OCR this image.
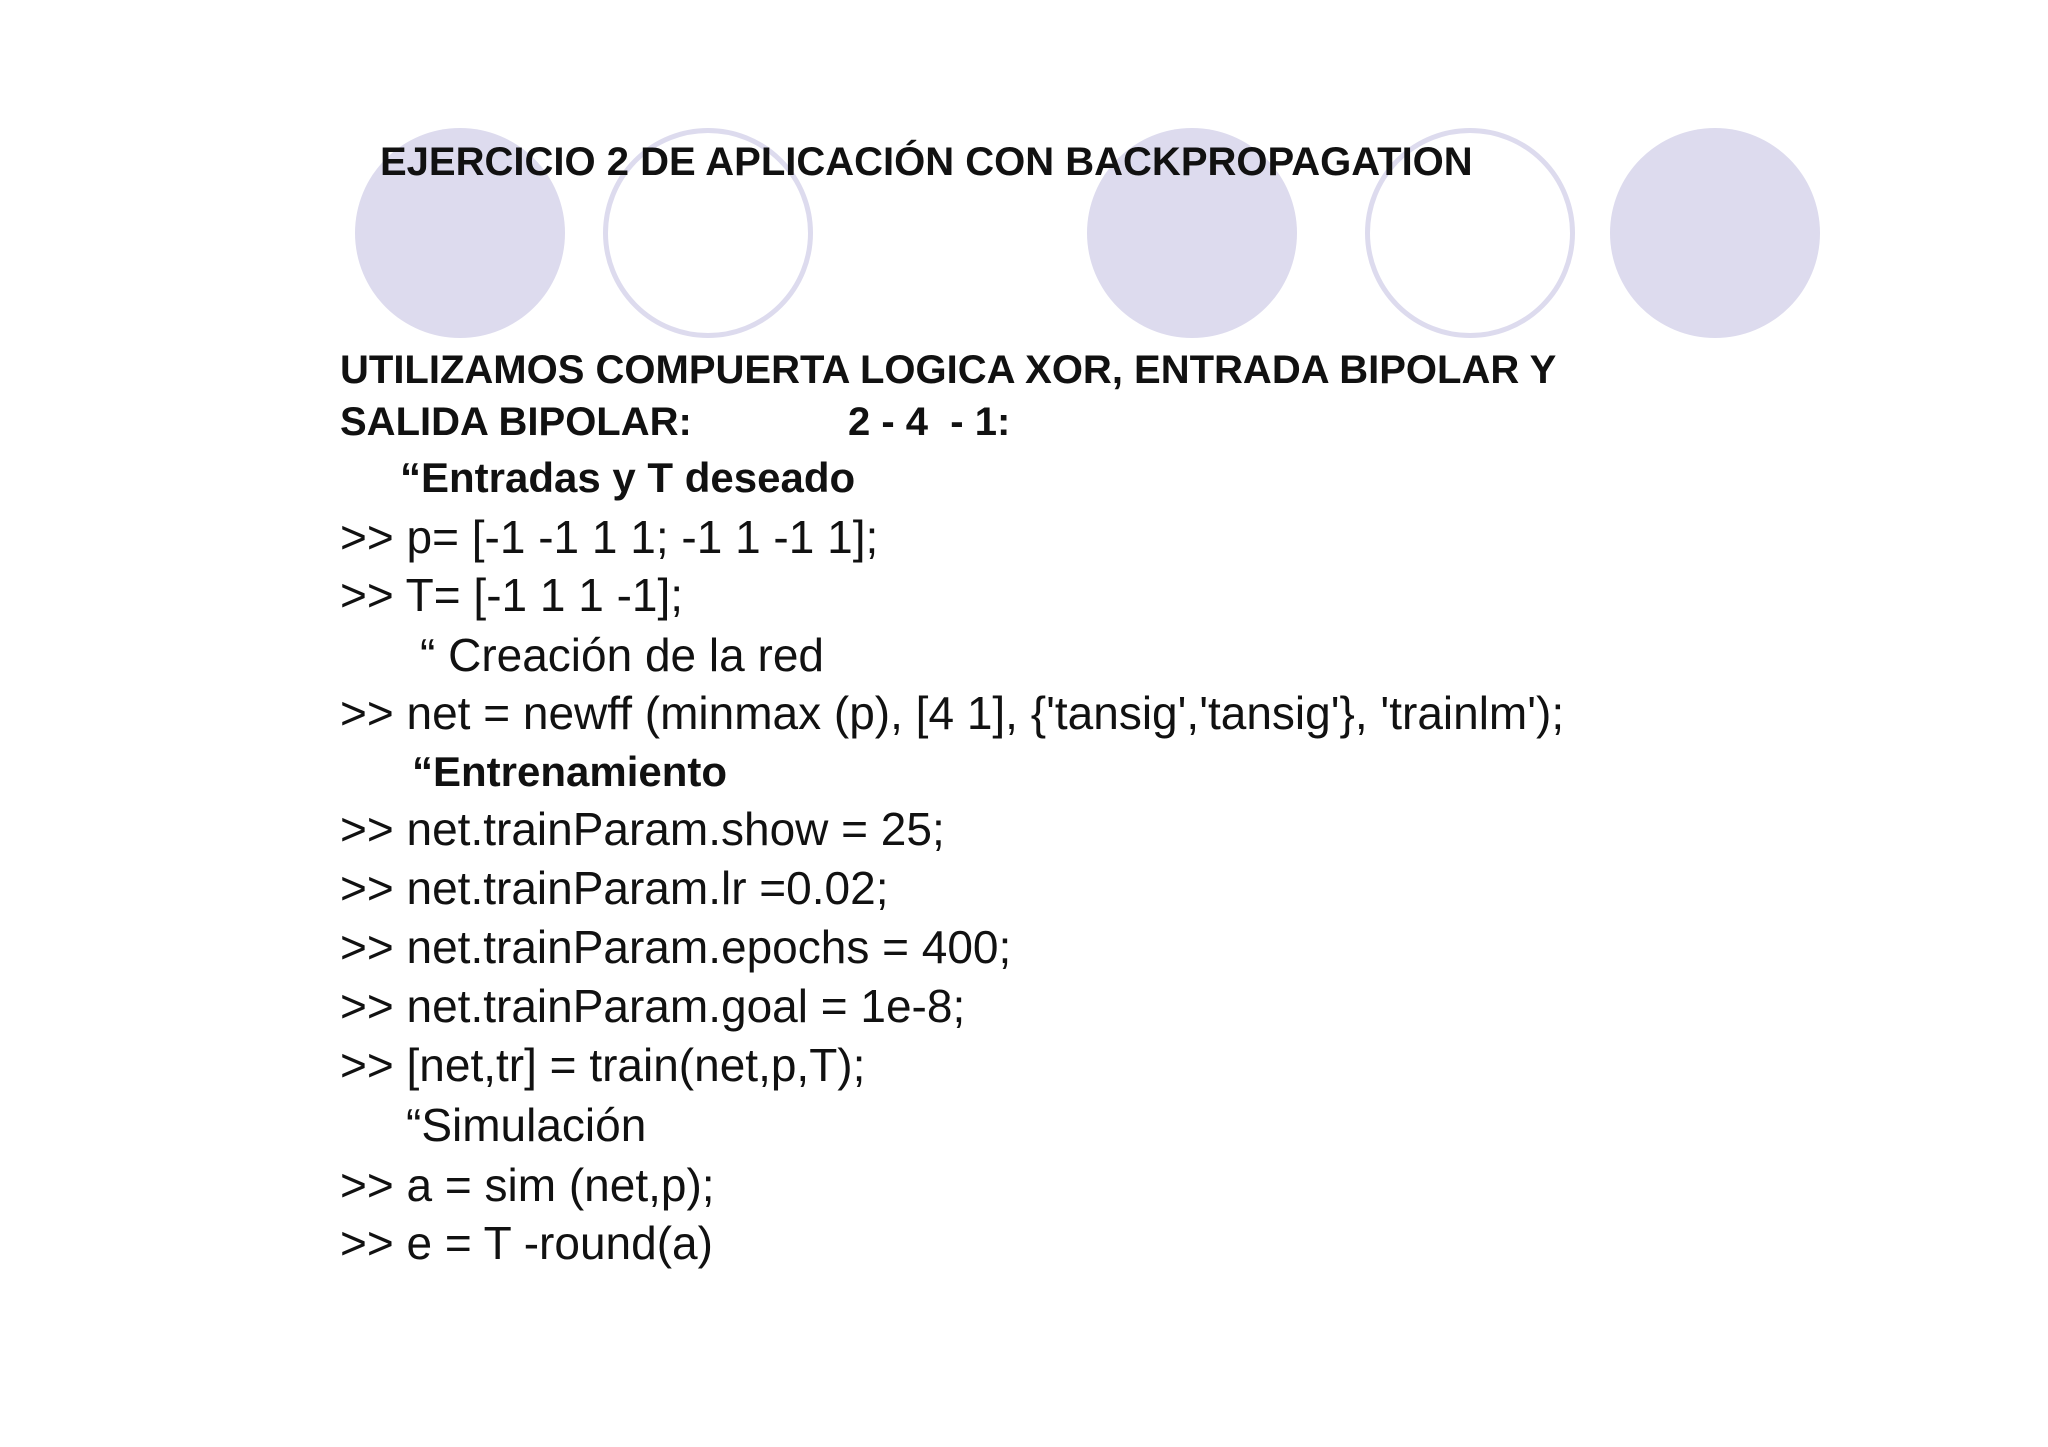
EJERCICIO 2 DE APLICACIÓN CON BACKPROPAGATION
UTILIZAMOS COMPUERTA LOGICA XOR, ENTRADA BIPOLAR Y
SALIDA BIPOLAR:	2 - 4  - 1:
“Entradas y T deseado
>> p= [-1 -1 1 1; -1 1 -1 1];
>> T= [-1 1 1 -1];
“ Creación de la red
>> net = newff (minmax (p), [4 1], {'tansig','tansig'}, 'trainlm');
“Entrenamiento
>> net.trainParam.show = 25;
>> net.trainParam.lr =0.02;
>> net.trainParam.epochs = 400;
>> net.trainParam.goal = 1e-8;
>> [net,tr] = train(net,p,T);
“Simulación
>> a = sim (net,p);
>> e = T -round(a)
